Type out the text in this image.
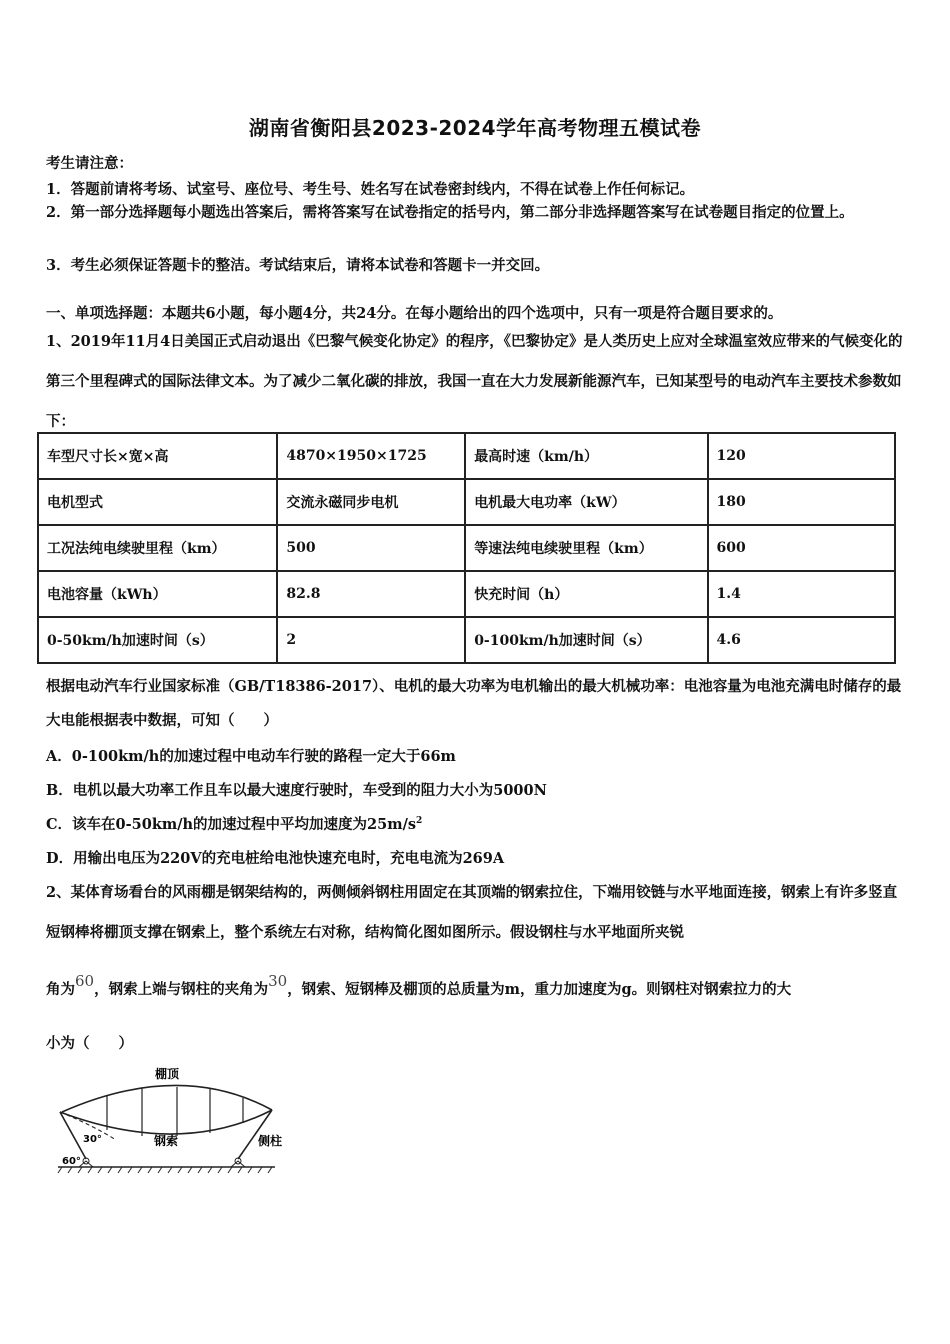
湖南省衡阳县2023-2024学年高考物理五模试卷
考生请注意：
1．答题前请将考场、试室号、座位号、考生号、姓名写在试卷密封线内，不得在试卷上作任何标记。
2．第一部分选择题每小题选出答案后，需将答案写在试卷指定的括号内，第二部分非选择题答案写在试卷题目指定的位置上。
3．考生必须保证答题卡的整洁。考试结束后，请将本试卷和答题卡一并交回。
一、单项选择题：本题共6小题，每小题4分，共24分。在每小题给出的四个选项中，只有一项是符合题目要求的。
1、2019年11月4日美国正式启动退出《巴黎气候变化协定》的程序，《巴黎协定》是人类历史上应对全球温室效应带来的气候变化的第三个里程碑式的国际法律文本。为了减少二氧化碳的排放，我国一直在大力发展新能源汽车，已知某型号的电动汽车主要技术参数如下：
车型尺寸长×宽×高	4870×1950×1725	最高时速（km/h）	120
电机型式	交流永磁同步电机	电机最大电功率（kW）	180
工况法纯电续驶里程（km）	500	等速法纯电续驶里程（km）	600
电池容量（kWh）	82.8	快充时间（h）	1.4
0-50km/h加速时间（s）	2	0-100km/h加速时间（s）	4.6
根据电动汽车行业国家标准（GB/T18386-2017）、电机的最大功率为电机输出的最大机械功率：电池容量为电池充满电时储存的最大电能根据表中数据，可知（　　）
A．0-100km/h的加速过程中电动车行驶的路程一定大于66m
B．电机以最大功率工作且车以最大速度行驶时，车受到的阻力大小为5000N
C．该车在0-50km/h的加速过程中平均加速度为$25m/s^2$
D．用输出电压为220V的充电桩给电池快速充电时，充电电流为269A
2、某体育场看台的风雨棚是钢架结构的，两侧倾斜钢柱用固定在其顶端的钢索拉住，下端用铰链与水平地面连接，钢索上有许多竖直短钢棒将棚顶支撑在钢索上，整个系统左右对称，结构简化图如图所示。假设钢柱与水平地面所夹锐
角为60，钢索上端与钢柱的夹角为30，钢索、短钢棒及棚顶的总质量为m，重力加速度为g。则钢柱对钢索拉力的大
小为（　　）
棚顶
钢索	侧柱
30°
60°
